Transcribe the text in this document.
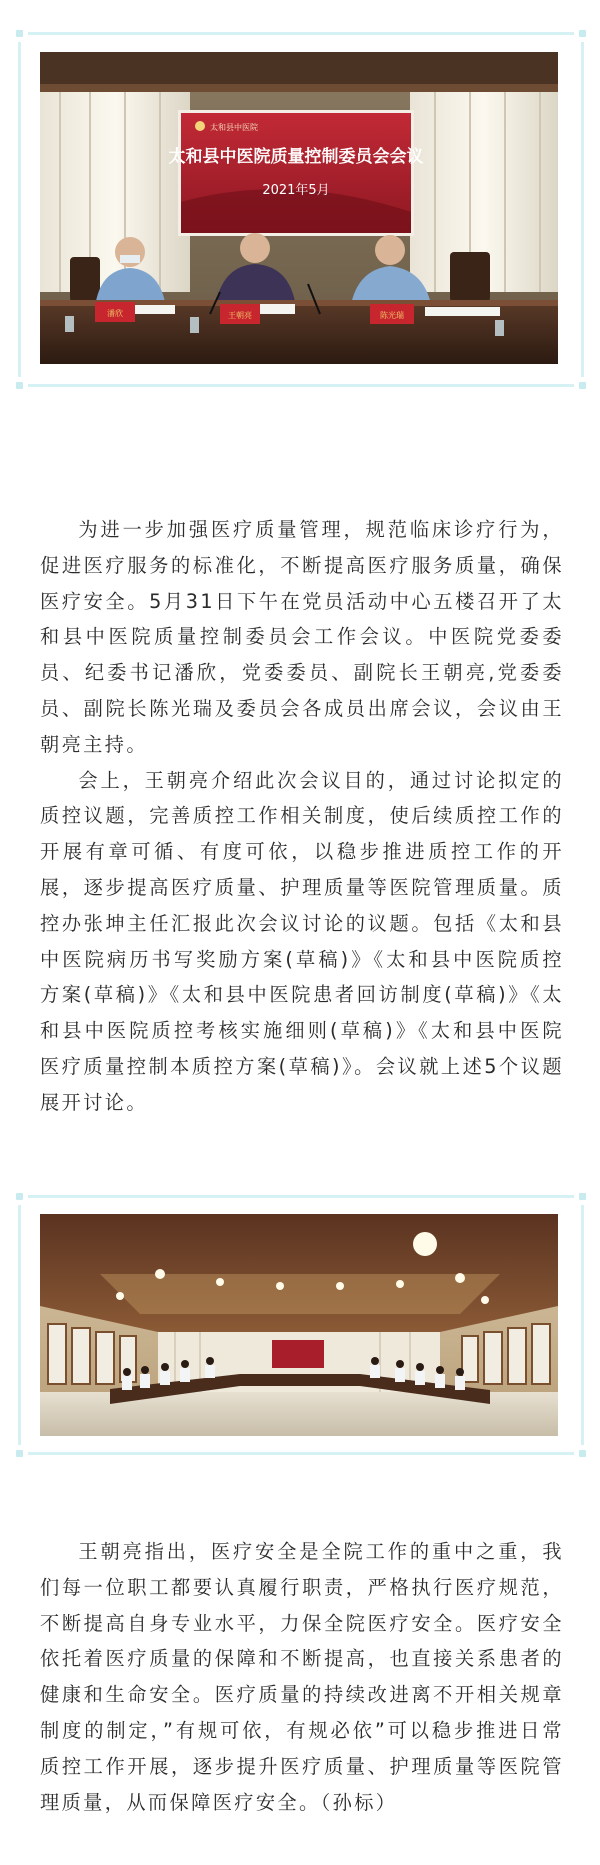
太和县中医院
太和县中医院质量控制委员会会议
2021年5月
潘欣	王朝亮	陈光瑞

为进一步加强医疗质量管理，规范临床诊疗行为，促进医疗服务的标准化，不断提高医疗服务质量，确保医疗安全。5月31日下午在党员活动中心五楼召开了太和县中医院质量控制委员会工作会议。中医院党委委员、纪委书记潘欣，党委委员、副院长王朝亮,党委委员、副院长陈光瑞及委员会各成员出席会议，会议由王朝亮主持。

会上，王朝亮介绍此次会议目的，通过讨论拟定的质控议题，完善质控工作相关制度，使后续质控工作的开展有章可循、有度可依，以稳步推进质控工作的开展，逐步提高医疗质量、护理质量等医院管理质量。质控办张坤主任汇报此次会议讨论的议题。包括《太和县中医院病历书写奖励方案(草稿)》《太和县中医院质控方案(草稿)》《太和县中医院患者回访制度(草稿)》《太和县中医院质控考核实施细则(草稿)》《太和县中医院医疗质量控制本质控方案(草稿)》。会议就上述5个议题展开讨论。

王朝亮指出，医疗安全是全院工作的重中之重，我们每一位职工都要认真履行职责，严格执行医疗规范，不断提高自身专业水平，力保全院医疗安全。医疗安全依托着医疗质量的保障和不断提高，也直接关系患者的健康和生命安全。医疗质量的持续改进离不开相关规章制度的制定，”有规可依，有规必依”可以稳步推进日常质控工作开展，逐步提升医疗质量、护理质量等医院管理质量，从而保障医疗安全。（孙标）
